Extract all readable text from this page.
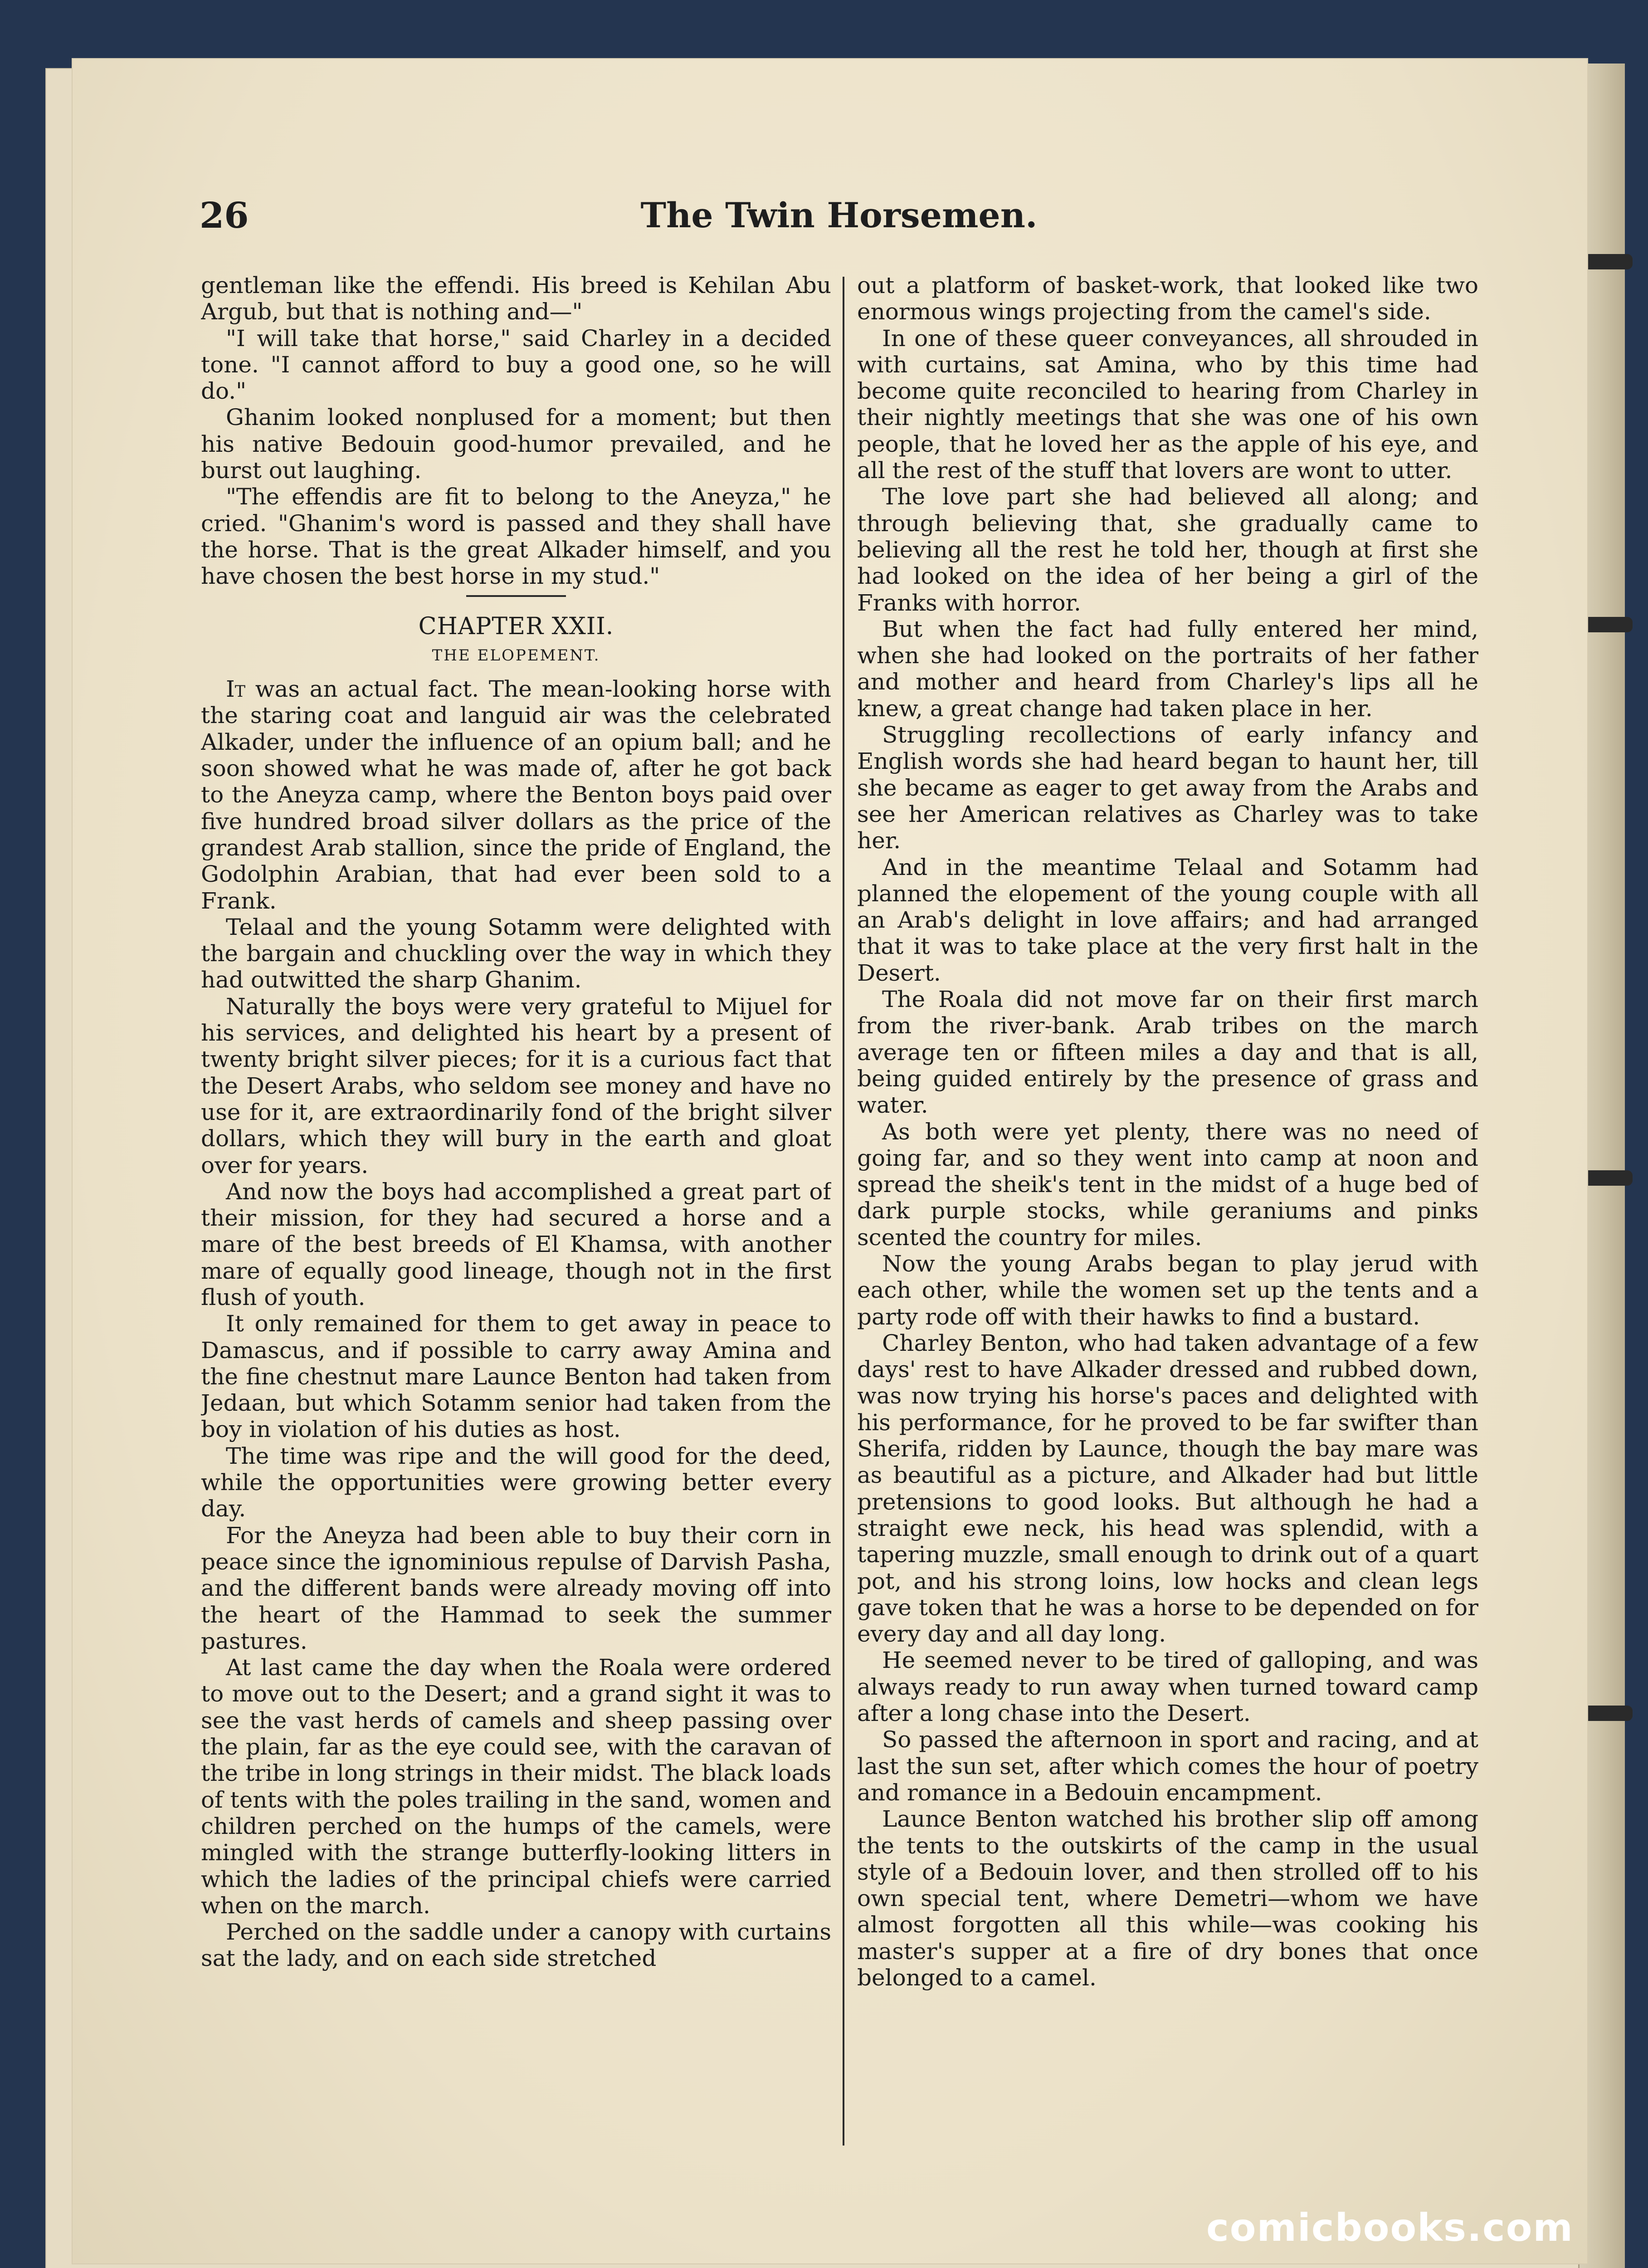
26	The Twin Horsemen.

gentleman like the effendi. His breed is Kehilan Abu Argub, but that is nothing and—"

"I will take that horse," said Charley in a decided tone. "I cannot afford to buy a good one, so he will do."

Ghanim looked nonplused for a moment; but then his native Bedouin good-humor prevailed, and he burst out laughing.

"The effendis are fit to belong to the Aneyza," he cried. "Ghanim's word is passed and they shall have the horse. That is the great Alkader himself, and you have chosen the best horse in my stud."

CHAPTER XXII.
THE ELOPEMENT.

It was an actual fact. The mean-looking horse with the staring coat and languid air was the celebrated Alkader, under the influence of an opium ball; and he soon showed what he was made of, after he got back to the Aneyza camp, where the Benton boys paid over five hundred broad silver dollars as the price of the grandest Arab stallion, since the pride of England, the Godolphin Arabian, that had ever been sold to a Frank.

Telaal and the young Sotamm were delighted with the bargain and chuckling over the way in which they had outwitted the sharp Ghanim.

Naturally the boys were very grateful to Mijuel for his services, and delighted his heart by a present of twenty bright silver pieces; for it is a curious fact that the Desert Arabs, who seldom see money and have no use for it, are extraordinarily fond of the bright silver dollars, which they will bury in the earth and gloat over for years.

And now the boys had accomplished a great part of their mission, for they had secured a horse and a mare of the best breeds of El Khamsa, with another mare of equally good lineage, though not in the first flush of youth.

It only remained for them to get away in peace to Damascus, and if possible to carry away Amina and the fine chestnut mare Launce Benton had taken from Jedaan, but which Sotamm senior had taken from the boy in violation of his duties as host.

The time was ripe and the will good for the deed, while the opportunities were growing better every day.

For the Aneyza had been able to buy their corn in peace since the ignominious repulse of Darvish Pasha, and the different bands were already moving off into the heart of the Hammad to seek the summer pastures.

At last came the day when the Roala were ordered to move out to the Desert; and a grand sight it was to see the vast herds of camels and sheep passing over the plain, far as the eye could see, with the caravan of the tribe in long strings in their midst. The black loads of tents with the poles trailing in the sand, women and children perched on the humps of the camels, were mingled with the strange butterfly-looking litters in which the ladies of the principal chiefs were carried when on the march.

Perched on the saddle under a canopy with curtains sat the lady, and on each side stretched

out a platform of basket-work, that looked like two enormous wings projecting from the camel's side.

In one of these queer conveyances, all shrouded in with curtains, sat Amina, who by this time had become quite reconciled to hearing from Charley in their nightly meetings that she was one of his own people, that he loved her as the apple of his eye, and all the rest of the stuff that lovers are wont to utter.

The love part she had believed all along; and through believing that, she gradually came to believing all the rest he told her, though at first she had looked on the idea of her being a girl of the Franks with horror.

But when the fact had fully entered her mind, when she had looked on the portraits of her father and mother and heard from Charley's lips all he knew, a great change had taken place in her.

Struggling recollections of early infancy and English words she had heard began to haunt her, till she became as eager to get away from the Arabs and see her American relatives as Charley was to take her.

And in the meantime Telaal and Sotamm had planned the elopement of the young couple with all an Arab's delight in love affairs; and had arranged that it was to take place at the very first halt in the Desert.

The Roala did not move far on their first march from the river-bank. Arab tribes on the march average ten or fifteen miles a day and that is all, being guided entirely by the presence of grass and water.

As both were yet plenty, there was no need of going far, and so they went into camp at noon and spread the sheik's tent in the midst of a huge bed of dark purple stocks, while geraniums and pinks scented the country for miles.

Now the young Arabs began to play jerud with each other, while the women set up the tents and a party rode off with their hawks to find a bustard.

Charley Benton, who had taken advantage of a few days' rest to have Alkader dressed and rubbed down, was now trying his horse's paces and delighted with his performance, for he proved to be far swifter than Sherifa, ridden by Launce, though the bay mare was as beautiful as a picture, and Alkader had but little pretensions to good looks. But although he had a straight ewe neck, his head was splendid, with a tapering muzzle, small enough to drink out of a quart pot, and his strong loins, low hocks and clean legs gave token that he was a horse to be depended on for every day and all day long.

He seemed never to be tired of galloping, and was always ready to run away when turned toward camp after a long chase into the Desert.

So passed the afternoon in sport and racing, and at last the sun set, after which comes the hour of poetry and romance in a Bedouin encampment.

Launce Benton watched his brother slip off among the tents to the outskirts of the camp in the usual style of a Bedouin lover, and then strolled off to his own special tent, where Demetri—whom we have almost forgotten all this while—was cooking his master's supper at a fire of dry bones that once belonged to a camel.

comicbooks.com
